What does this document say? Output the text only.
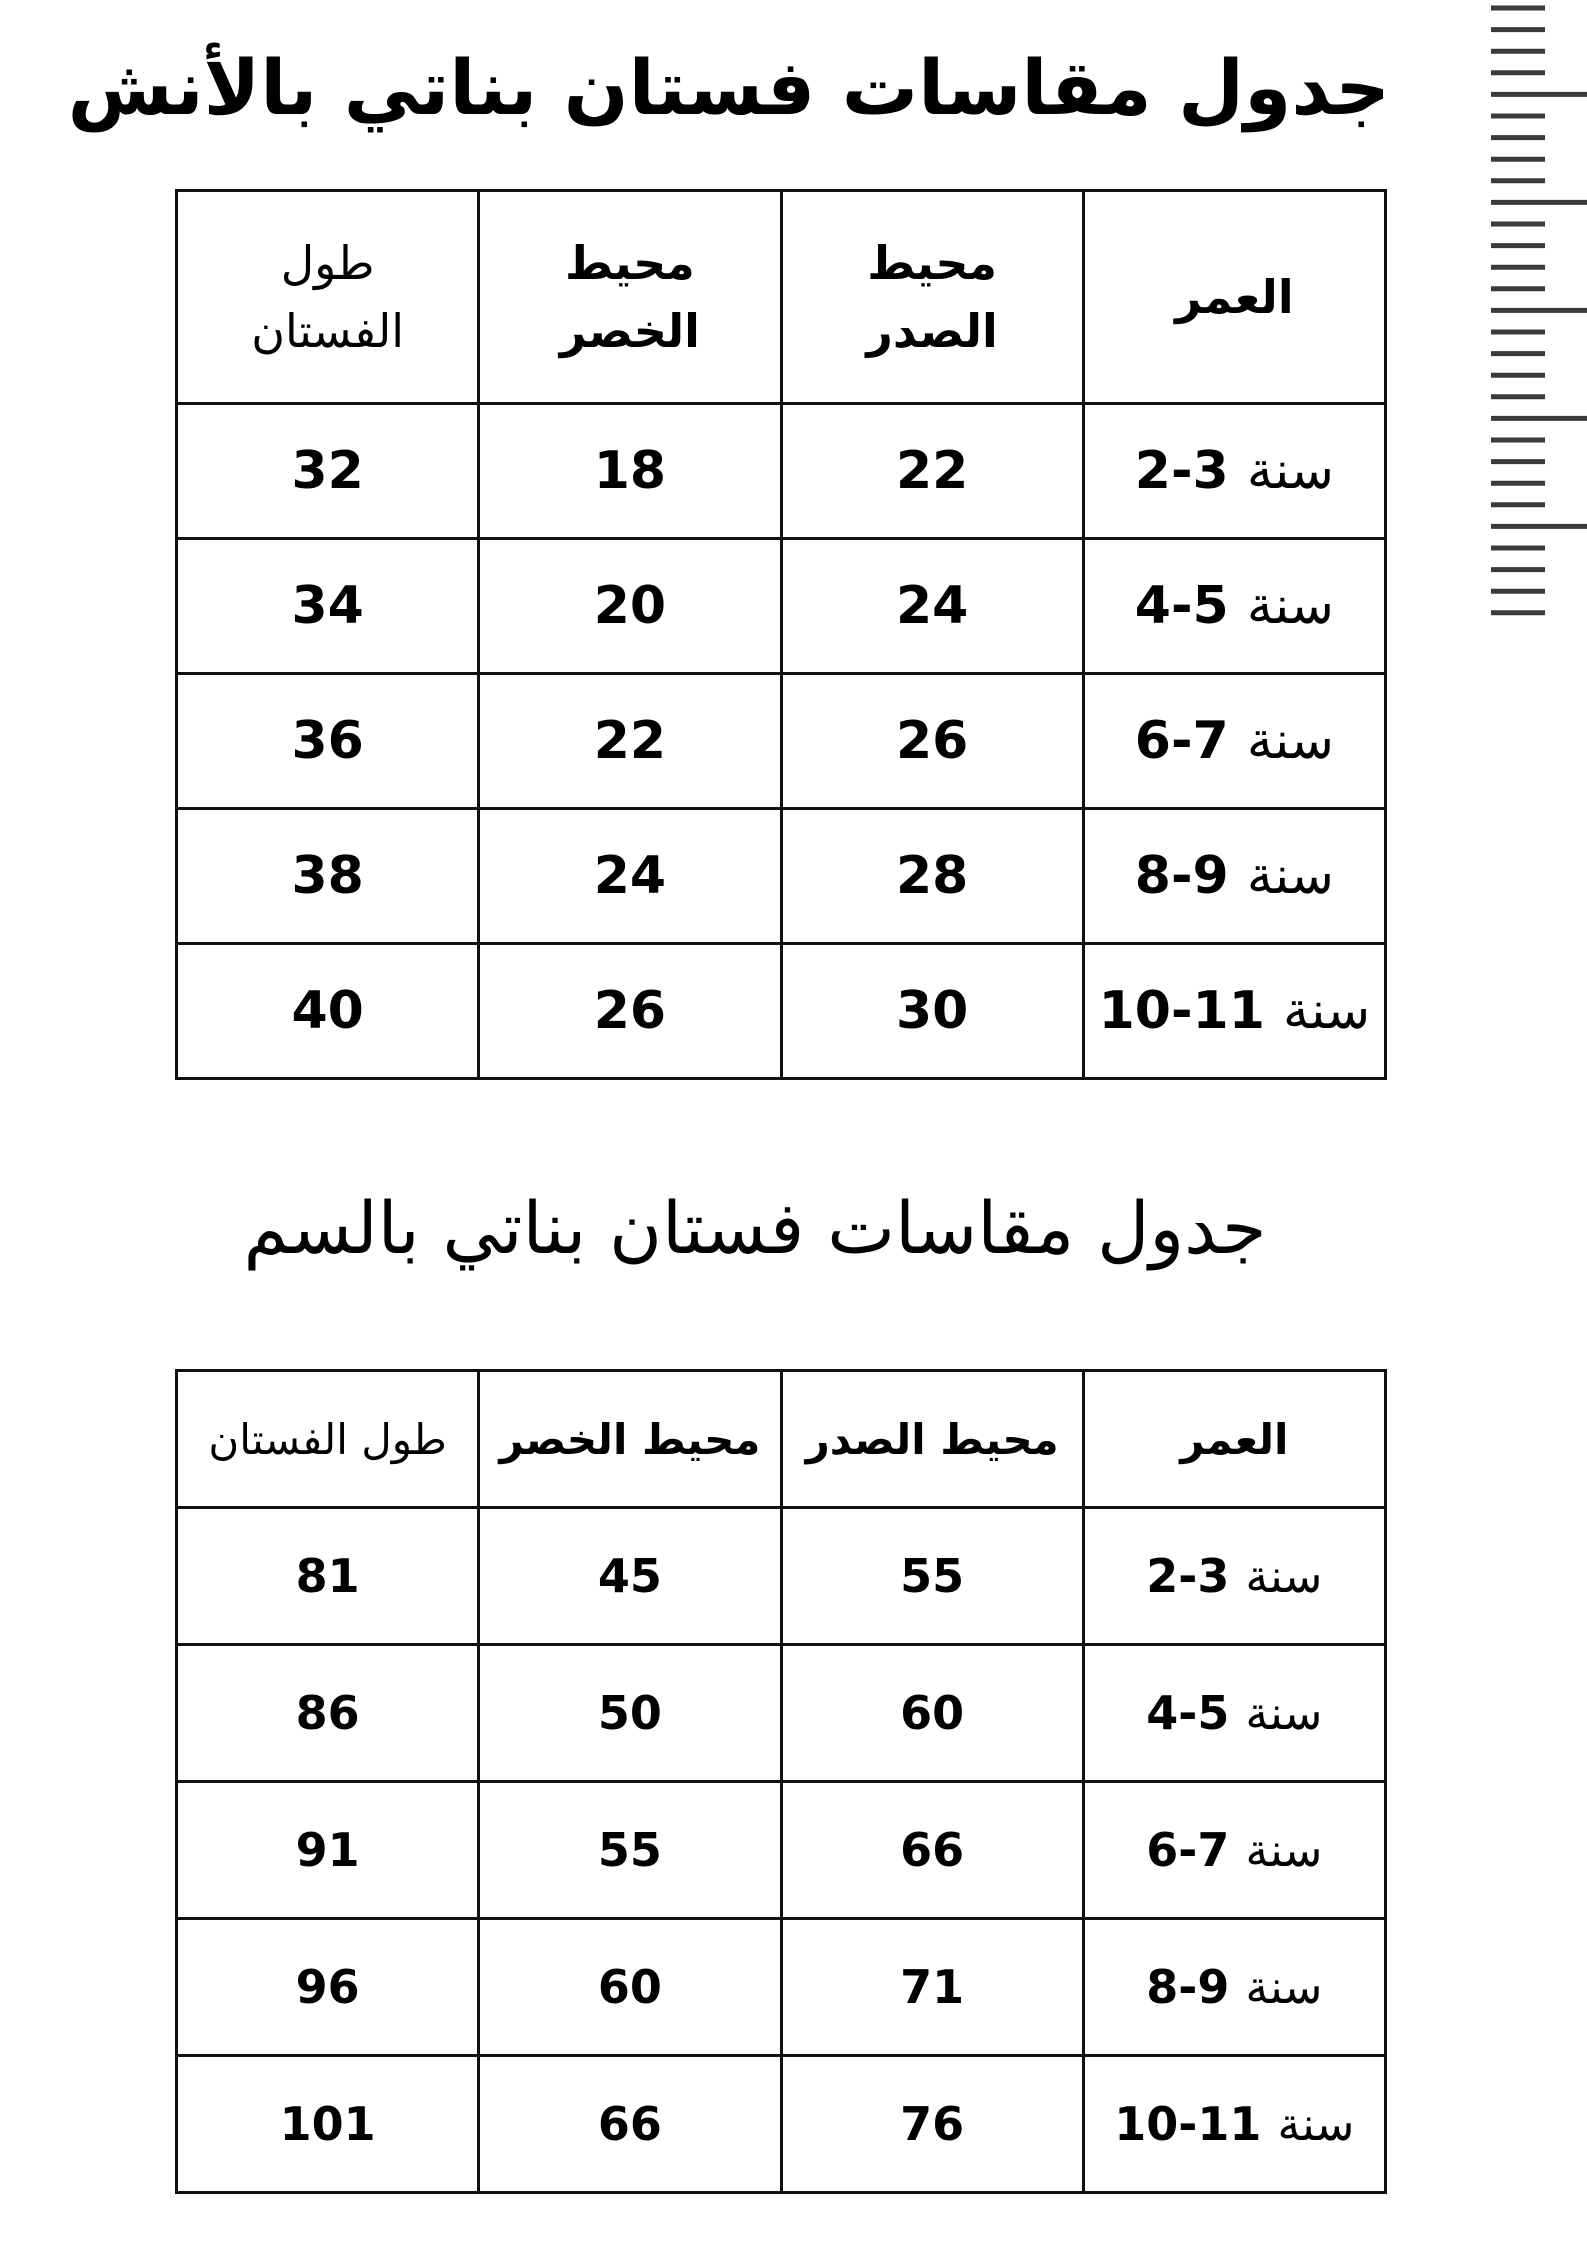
جدول مقاسات فستان بناتي بالأنش
العمر	محيط الصدر	محيط الخصر	طول الفستان
سنة 2-3	22	18	32
سنة 4-5	24	20	34
سنة 6-7	26	22	36
سنة 8-9	28	24	38
سنة 10-11	30	26	40
جدول مقاسات فستان بناتي بالسم
العمر	محيط الصدر	محيط الخصر	طول الفستان
سنة 2-3	55	45	81
سنة 4-5	60	50	86
سنة 6-7	66	55	91
سنة 8-9	71	60	96
سنة 10-11	76	66	101
